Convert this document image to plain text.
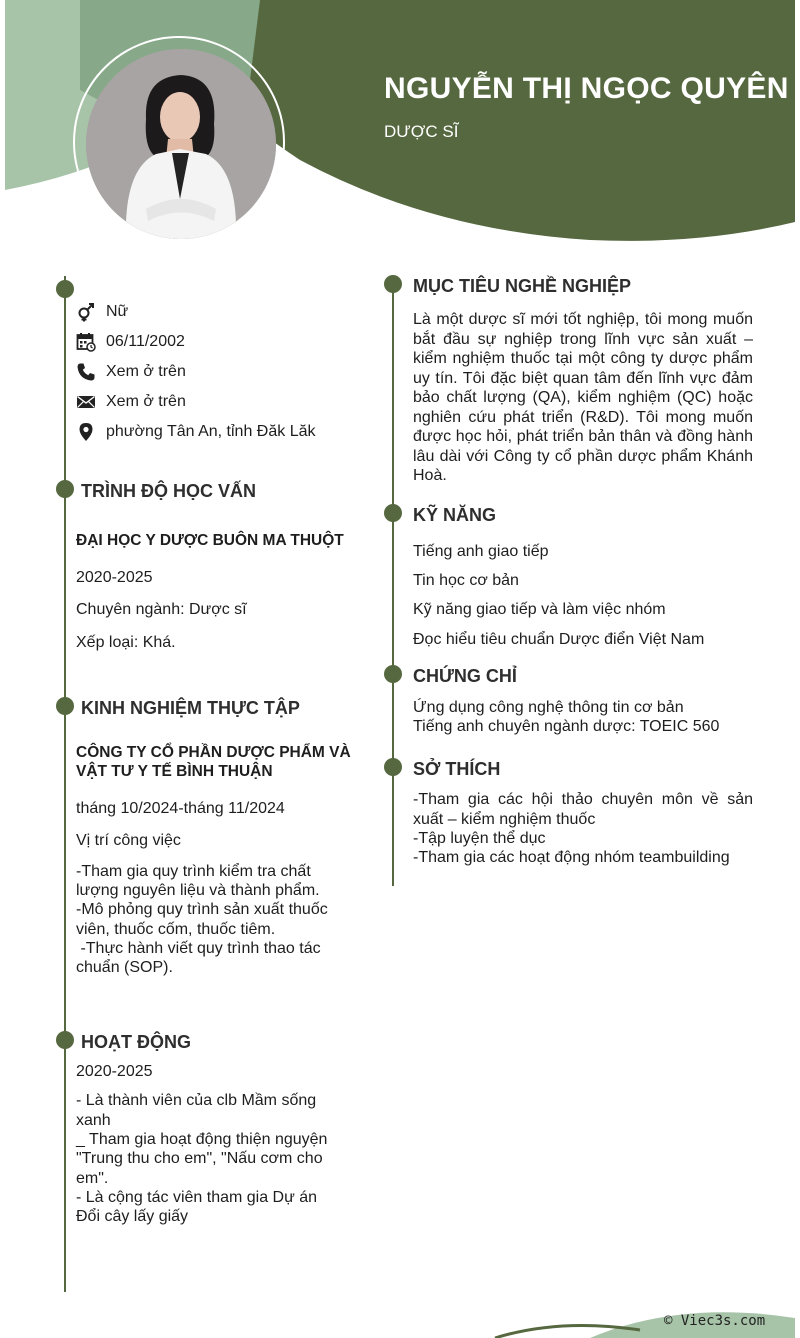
NGUYỄN THỊ NGỌC QUYÊN
DƯỢC SĨ
Nữ
06/11/2002
Xem ở trên
Xem ở trên
phường Tân An, tỉnh Đăk Lăk
TRÌNH ĐỘ HỌC VẤN
ĐẠI HỌC Y DƯỢC BUÔN MA THUỘT
2020-2025
Chuyên ngành: Dược sĩ
Xếp loại: Khá.
KINH NGHIỆM THỰC TẬP
CÔNG TY CỔ PHẦN DƯỢC PHẨM VÀ
VẬT TƯ Y TẾ BÌNH THUẬN
tháng 10/2024-tháng 11/2024
Vị trí công việc
-Tham gia quy trình kiểm tra chất
lượng nguyên liệu và thành phẩm.
-Mô phỏng quy trình sản xuất thuốc
viên, thuốc cốm, thuốc tiêm.
-Thực hành viết quy trình thao tác
chuẩn (SOP).
HOẠT ĐỘNG
2020-2025
- Là thành viên của clb Mầm sống
xanh
_ Tham gia hoạt động thiện nguyện
"Trung thu cho em", "Nấu cơm cho
em".
- Là cộng tác viên tham gia Dự án
Đổi cây lấy giấy
MỤC TIÊU NGHỀ NGHIỆP
Là một dược sĩ mới tốt nghiệp, tôi mong muốn bắt đầu sự nghiệp trong lĩnh vực sản xuất – kiểm nghiệm thuốc tại một công ty dược phẩm uy tín. Tôi đặc biệt quan tâm đến lĩnh vực đảm bảo chất lượng (QA), kiểm nghiệm (QC) hoặc nghiên cứu phát triển (R&D). Tôi mong muốn được học hỏi, phát triển bản thân và đồng hành lâu dài với Công ty cổ phần dược phẩm Khánh Hoà.
KỸ NĂNG
Tiếng anh giao tiếp
Tin học cơ bản
Kỹ năng giao tiếp và làm việc nhóm
Đọc hiểu tiêu chuẩn Dược điển Việt Nam
CHỨNG CHỈ
Ứng dụng công nghệ thông tin cơ bản
Tiếng anh chuyên ngành dược: TOEIC 560
SỞ THÍCH
-Tham gia các hội thảo chuyên môn về sản xuất – kiểm nghiệm thuốc
-Tập luyện thể dục
-Tham gia các hoạt động nhóm teambuilding
© Viec3s.com
